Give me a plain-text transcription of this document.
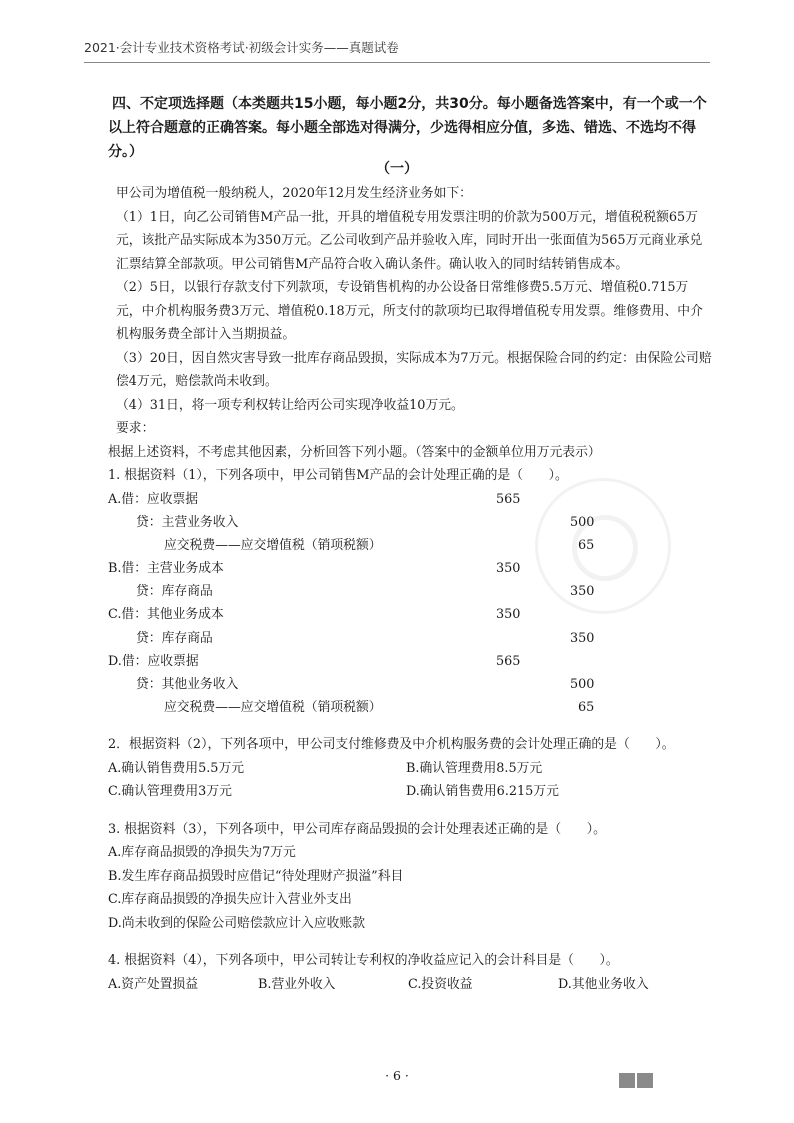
2021·会计专业技术资格考试·初级会计实务——真题试卷
四、不定项选择题（本类题共15小题，每小题2分，共30分。每小题备选答案中，有一个或一个以上符合题意的正确答案。每小题全部选对得满分，少选得相应分值，多选、错选、不选均不得分。）
（一）
甲公司为增值税一般纳税人，2020年12月发生经济业务如下：
（1）1日，向乙公司销售M产品一批，开具的增值税专用发票注明的价款为500万元，增值税税额65万元，该批产品实际成本为350万元。乙公司收到产品并验收入库，同时开出一张面值为565万元商业承兑汇票结算全部款项。甲公司销售M产品符合收入确认条件。确认收入的同时结转销售成本。
（2）5日，以银行存款支付下列款项，专设销售机构的办公设备日常维修费5.5万元、增值税0.715万元，中介机构服务费3万元、增值税0.18万元，所支付的款项均已取得增值税专用发票。维修费用、中介机构服务费全部计入当期损益。
（3）20日，因自然灾害导致一批库存商品毁损，实际成本为7万元。根据保险合同的约定：由保险公司赔偿4万元，赔偿款尚未收到。
（4）31日，将一项专利权转让给丙公司实现净收益10万元。
要求：
根据上述资料，不考虑其他因素，分析回答下列小题。（答案中的金额单位用万元表示）
1. 根据资料（1），下列各项中，甲公司销售M产品的会计处理正确的是（　　）。
A.借：应收票据	565
贷：主营业务收入	500
应交税费——应交增值税（销项税额）	65
B.借：主营业务成本	350
贷：库存商品	350
C.借：其他业务成本	350
贷：库存商品	350
D.借：应收票据	565
贷：其他业务收入	500
应交税费——应交增值税（销项税额）	65
2．根据资料（2），下列各项中，甲公司支付维修费及中介机构服务费的会计处理正确的是（　　）。
A.确认销售费用5.5万元	B.确认管理费用8.5万元
C.确认管理费用3万元	D.确认销售费用6.215万元
3. 根据资料（3），下列各项中，甲公司库存商品毁损的会计处理表述正确的是（　　）。
A.库存商品损毁的净损失为7万元
B.发生库存商品损毁时应借记“待处理财产损溢”科目
C.库存商品损毁的净损失应计入营业外支出
D.尚未收到的保险公司赔偿款应计入应收账款
4. 根据资料（4），下列各项中，甲公司转让专利权的净收益应记入的会计科目是（　　）。
A.资产处置损益	B.营业外收入	C.投资收益	D.其他业务收入
· 6 ·
